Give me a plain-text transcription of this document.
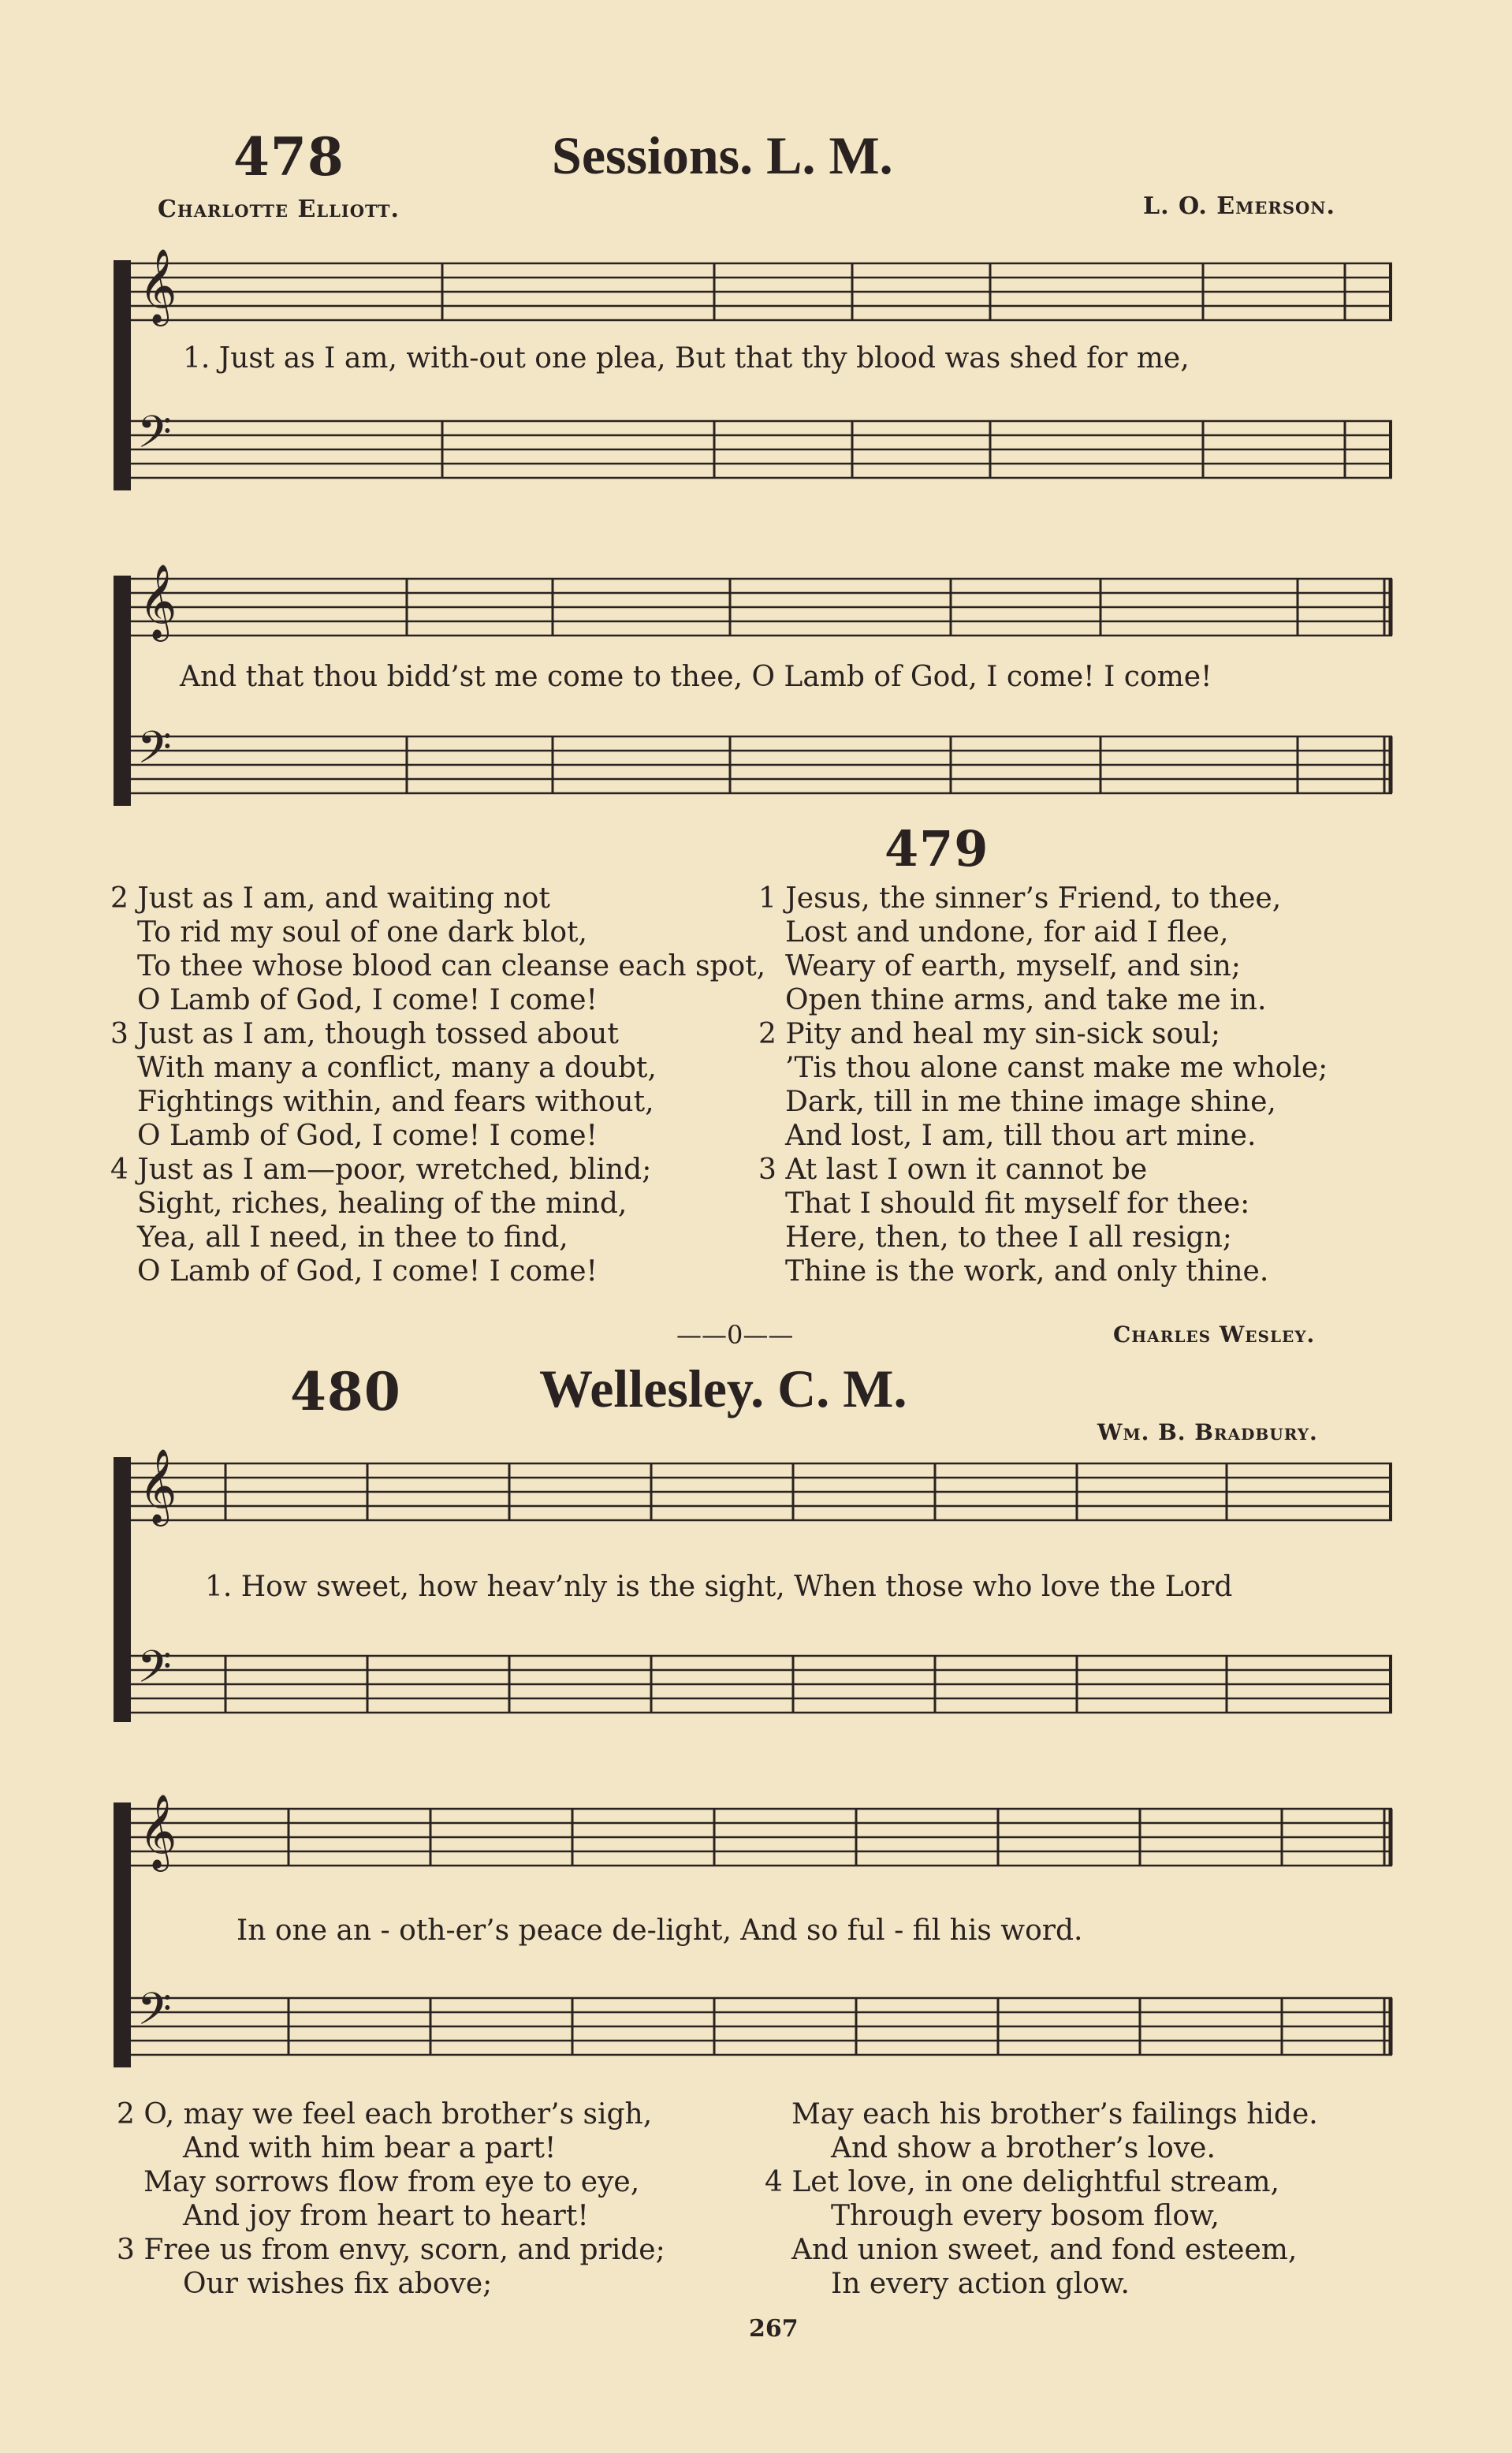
478	Sessions. L. M.
Charlotte Elliott.	L. O. Emerson.
𝄞
1. Just as I am, with-out one plea, But that thy blood was shed for me,
𝄢
𝄞
And that thou bidd’st me come to thee, O Lamb of God, I come! I come!
𝄢
479
2 Just as I am, and waiting not
To rid my soul of one dark blot,
To thee whose blood can cleanse each spot,
O Lamb of God, I come! I come!
3 Just as I am, though tossed about
With many a conflict, many a doubt,
Fightings within, and fears without,
O Lamb of God, I come! I come!
4 Just as I am—poor, wretched, blind;
Sight, riches, healing of the mind,
Yea, all I need, in thee to find,
O Lamb of God, I come! I come!
1 Jesus, the sinner’s Friend, to thee,
Lost and undone, for aid I flee,
Weary of earth, myself, and sin;
Open thine arms, and take me in.
2 Pity and heal my sin-sick soul;
’Tis thou alone canst make me whole;
Dark, till in me thine image shine,
And lost, I am, till thou art mine.
3 At last I own it cannot be
That I should fit myself for thee:
Here, then, to thee I all resign;
Thine is the work, and only thine.
——0——	Charles Wesley.
480	Wellesley. C. M.
Wm. B. Bradbury.
𝄞
1. How sweet, how heav’nly is the sight, When those who love the Lord
𝄢
𝄞
In one an - oth-er’s peace de-light, And so ful - fil his word.
𝄢
2 O, may we feel each brother’s sigh,
And with him bear a part!
May sorrows flow from eye to eye,
And joy from heart to heart!
3 Free us from envy, scorn, and pride;
Our wishes fix above;
May each his brother’s failings hide.
And show a brother’s love.
4 Let love, in one delightful stream,
Through every bosom flow,
And union sweet, and fond esteem,
In every action glow.
267
